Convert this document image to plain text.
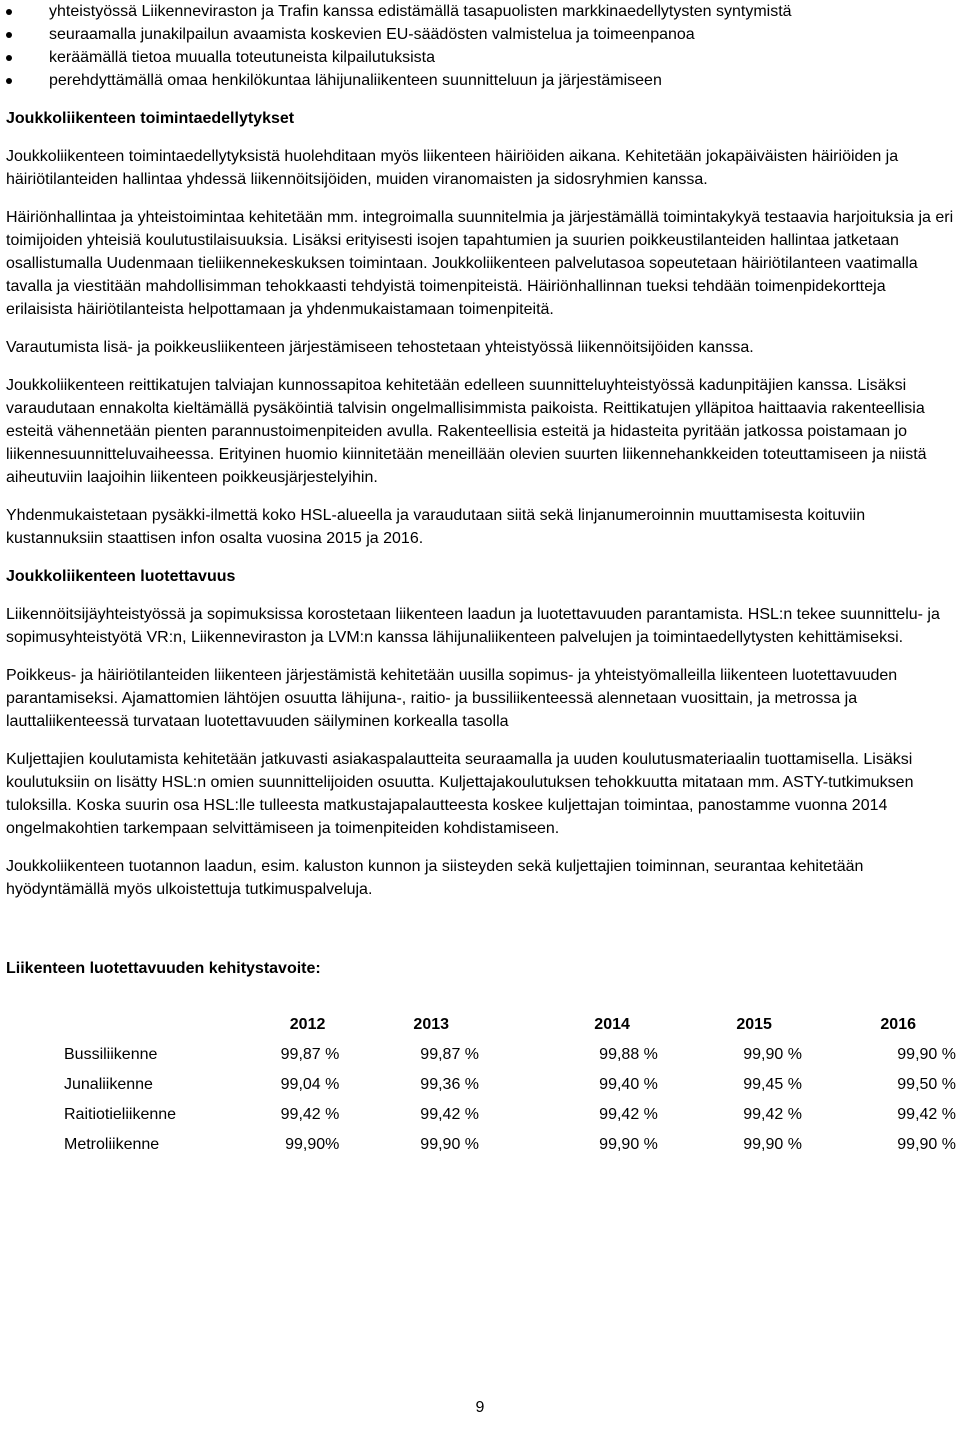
yhteistyössä Liikenneviraston ja Trafin kanssa edistämällä tasapuolisten markkinaedellytysten syntymistä
seuraamalla junakilpailun avaamista koskevien EU-säädösten valmistelua ja toimeenpanoa
keräämällä tietoa muualla toteutuneista kilpailutuksista
perehdyttämällä omaa henkilökuntaa lähijunaliikenteen suunnitteluun ja järjestämiseen
Joukkoliikenteen toimintaedellytykset

Joukkoliikenteen toimintaedellytyksistä huolehditaan myös liikenteen häiriöiden aikana. Kehitetään jokapäiväisten häiriöiden ja häiriötilanteiden hallintaa yhdessä liikennöitsijöiden, muiden viranomaisten ja sidosryhmien kanssa.

Häiriönhallintaa ja yhteistoimintaa kehitetään mm. integroimalla suunnitelmia ja järjestämällä toimintakykyä testaavia harjoituksia ja eri toimijoiden yhteisiä koulutustilaisuuksia. Lisäksi erityisesti isojen tapahtumien ja suurien poikkeustilanteiden hallintaa jatketaan osallistumalla Uudenmaan tieliikennekeskuksen toimintaan. Joukkoliikenteen palvelutasoa sopeutetaan häiriötilanteen vaatimalla tavalla ja viestitään mahdollisimman tehokkaasti tehdyistä toimenpiteistä. Häiriönhallinnan tueksi tehdään toimenpidekortteja erilaisista häiriötilanteista helpottamaan ja yhdenmukaistamaan toimenpiteitä.

Varautumista lisä- ja poikkeusliikenteen järjestämiseen tehostetaan yhteistyössä liikennöitsijöiden kanssa.

Joukkoliikenteen reittikatujen talviajan kunnossapitoa kehitetään edelleen suunnitteluyhteistyössä kadunpitäjien kanssa. Lisäksi varaudutaan ennakolta kieltämällä pysäköintiä talvisin ongelmallisimmista paikoista. Reittikatujen ylläpitoa haittaavia rakenteellisia esteitä vähennetään pienten parannustoimenpiteiden avulla. Rakenteellisia esteitä ja hidasteita pyritään jatkossa poistamaan jo liikennesuunnitteluvaiheessa. Erityinen huomio kiinnitetään meneillään olevien suurten liikennehankkeiden toteuttamiseen ja niistä aiheutuviin laajoihin liikenteen poikkeusjärjestelyihin.

Yhdenmukaistetaan pysäkki-ilmettä koko HSL-alueella ja varaudutaan siitä sekä linjanumeroinnin muuttamisesta koituviin kustannuksiin staattisen infon osalta vuosina 2015 ja 2016.

Joukkoliikenteen luotettavuus

Liikennöitsijäyhteistyössä ja sopimuksissa korostetaan liikenteen laadun ja luotettavuuden parantamista. HSL:n tekee suunnittelu- ja sopimusyhteistyötä VR:n, Liikenneviraston ja LVM:n kanssa lähijunaliikenteen palvelujen ja toimintaedellytysten kehittämiseksi.

Poikkeus- ja häiriötilanteiden liikenteen järjestämistä kehitetään uusilla sopimus- ja yhteistyömalleilla liikenteen luotettavuuden parantamiseksi. Ajamattomien lähtöjen osuutta lähijuna-, raitio- ja bussiliikenteessä alennetaan vuosittain, ja metrossa ja lauttaliikenteessä turvataan luotettavuuden säilyminen korkealla tasolla

Kuljettajien koulutamista kehitetään jatkuvasti asiakaspalautteita seuraamalla ja uuden koulutusmateriaalin tuottamisella. Lisäksi koulutuksiin on lisätty HSL:n omien suunnittelijoiden osuutta. Kuljettajakoulutuksen tehokkuutta mitataan mm. ASTY-tutkimuksen tuloksilla. Koska suurin osa HSL:lle tulleesta matkustajapalautteesta koskee kuljettajan toimintaa, panostamme vuonna 2014 ongelmakohtien tarkempaan selvittämiseen ja toimenpiteiden kohdistamiseen.

Joukkoliikenteen tuotannon laadun, esim. kaluston kunnon ja siisteyden sekä kuljettajien toiminnan, seurantaa kehitetään hyödyntämällä myös ulkoistettuja tutkimuspalveluja.

Liikenteen luotettavuuden kehitystavoite:
	2012	2013	2014	2015	2016
Bussiliikenne	99,87 %	99,87 %	99,88 %	99,90 %	99,90 %
Junaliikenne	99,04 %	99,36 %	99,40 %	99,45 %	99,50 %
Raitiotieliikenne	99,42 %	99,42 %	99,42 %	99,42 %	99,42 %
Metroliikenne	99,90%	99,90 %	99,90 %	99,90 %	99,90 %
9
